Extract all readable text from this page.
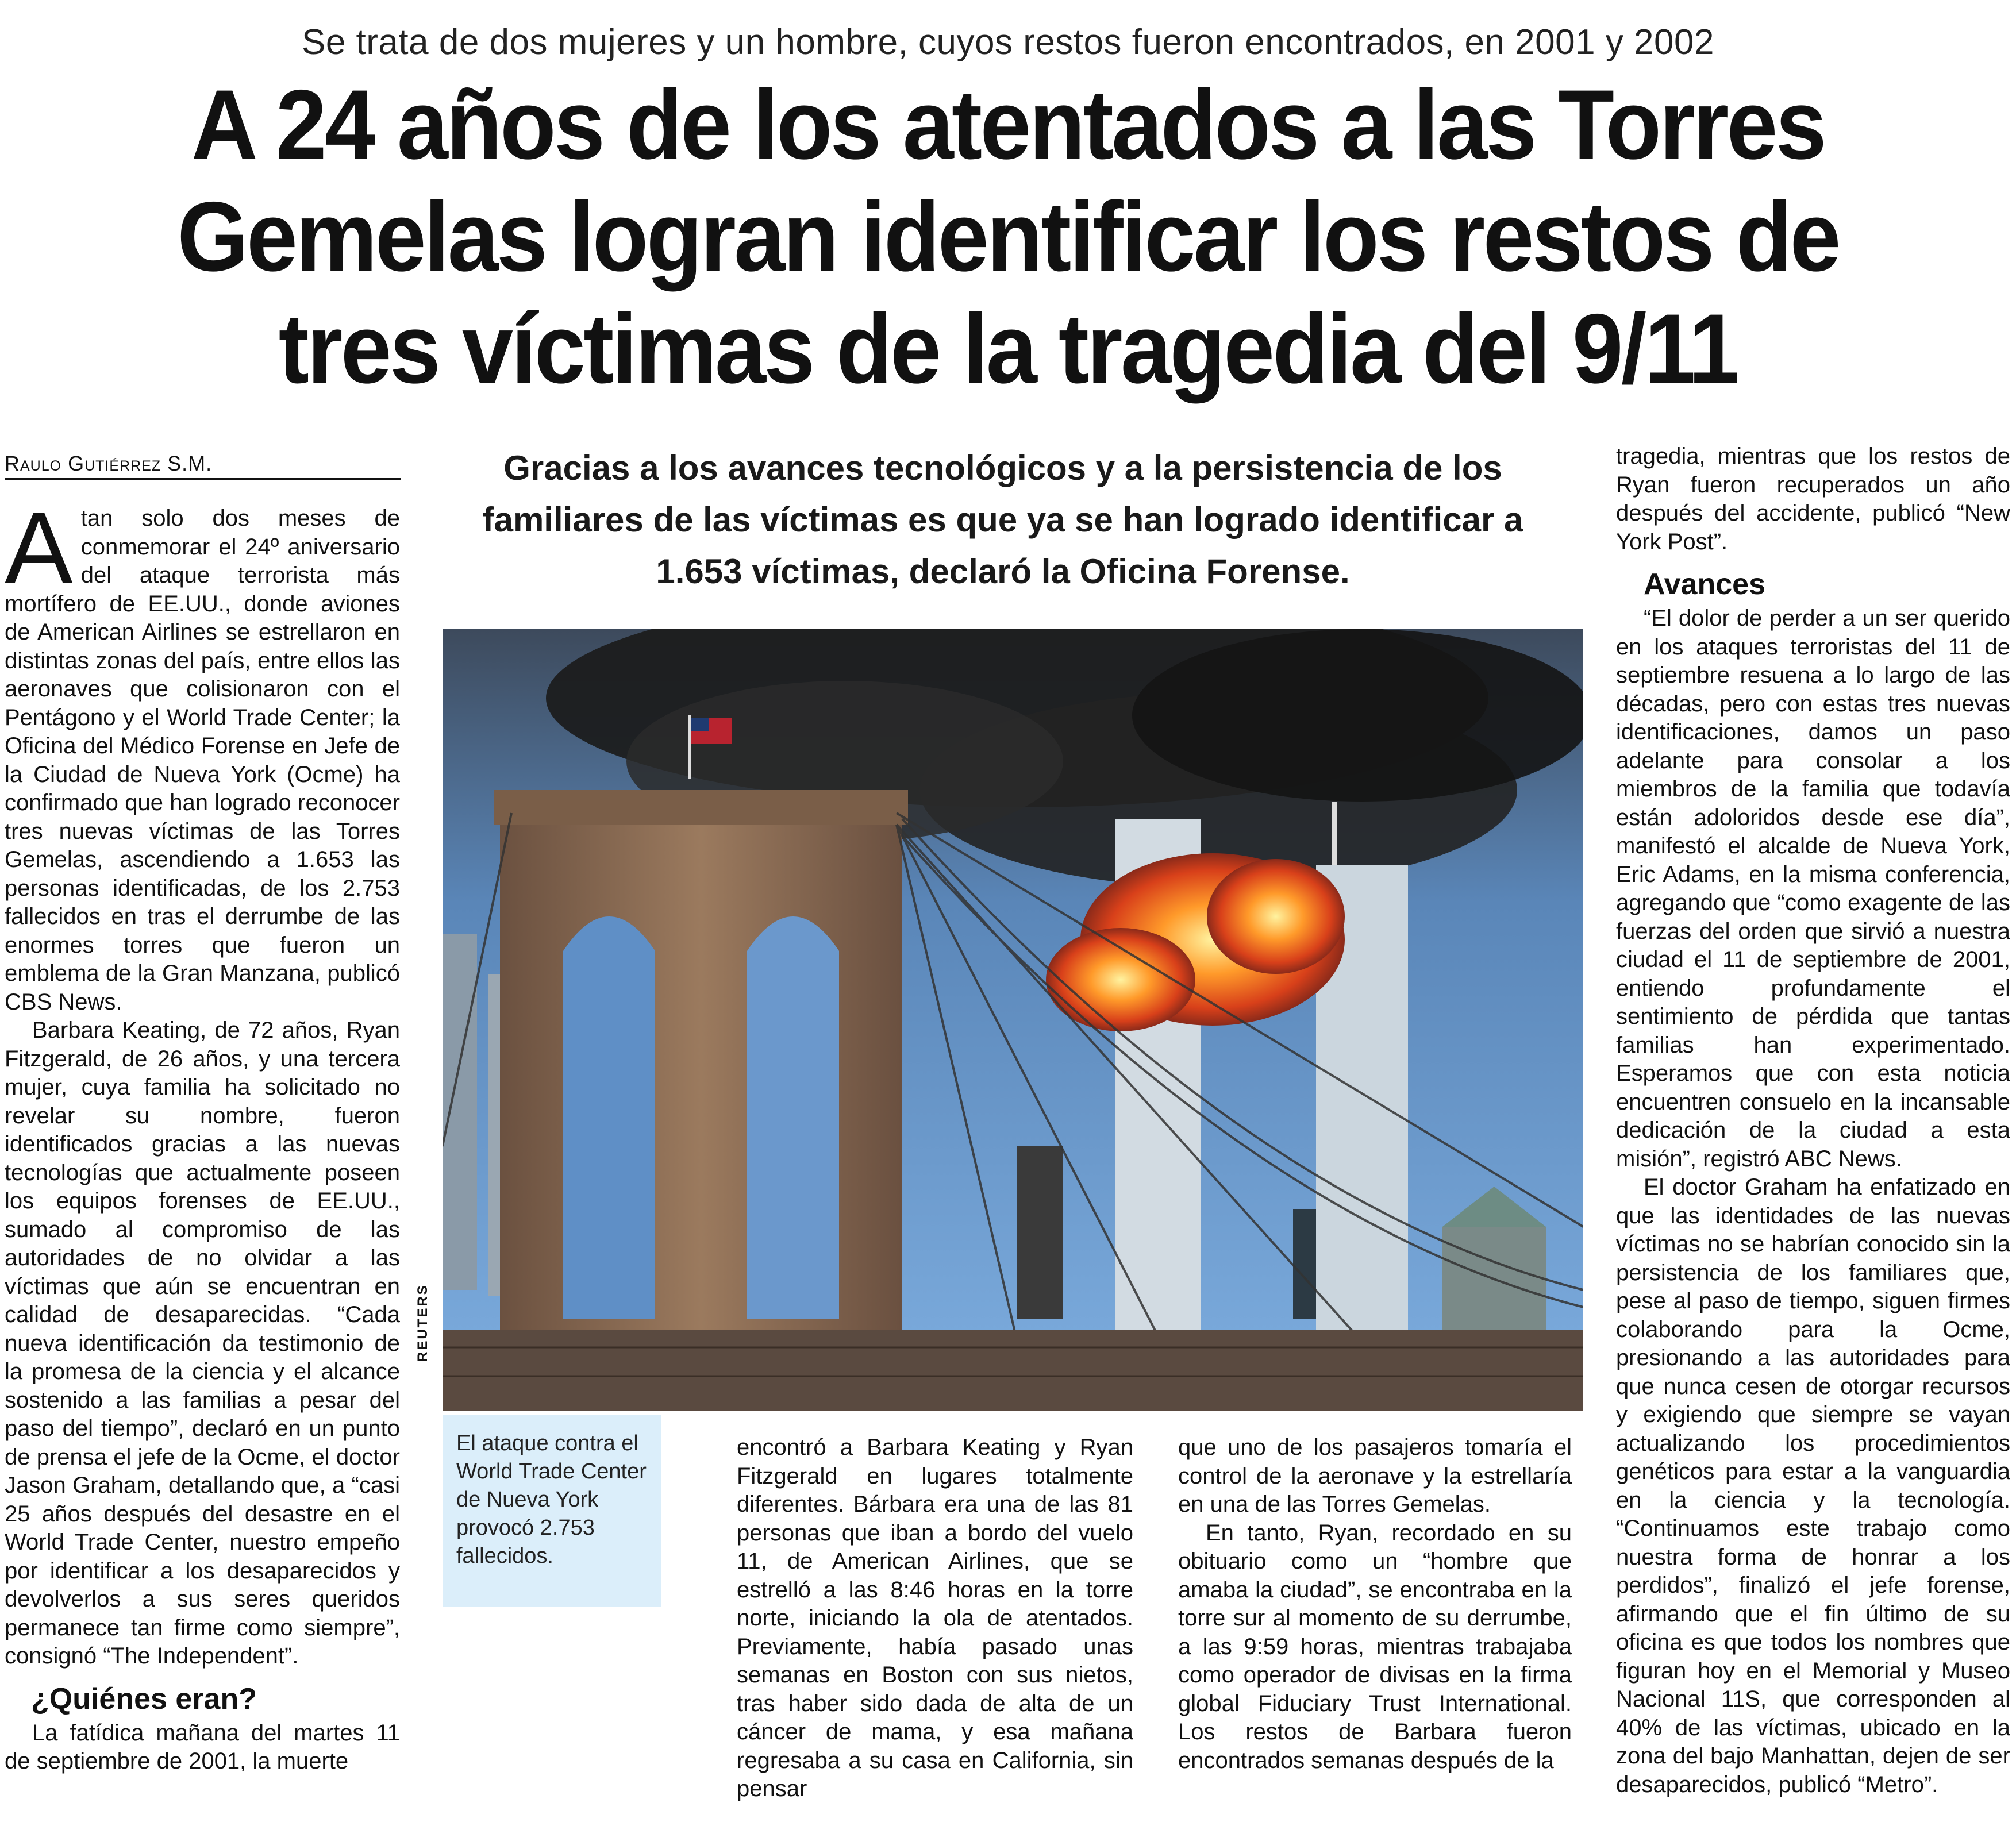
Se trata de dos mujeres y un hombre, cuyos restos fueron encontrados, en 2001 y 2002
A 24 años de los atentados a las Torres
Gemelas logran identificar los restos de
tres víctimas de la tragedia del 9/11
Raulo Gutiérrez S.M.

Atan solo dos meses de conmemorar el 24º aniversario del ataque terrorista más mortífero de EE.UU., donde aviones de American Airlines se estrellaron en distintas zonas del país, entre ellos las aeronaves que colisionaron con el Pentágono y el World Trade Center; la Oficina del Médico Forense en Jefe de la Ciudad de Nueva York (Ocme) ha confirmado que han logrado reconocer tres nuevas víctimas de las Torres Gemelas, ascendiendo a 1.653 las personas identificadas, de los 2.753 fallecidos en tras el derrumbe de las enormes torres que fueron un emblema de la Gran Manzana, publicó CBS News.

Barbara Keating, de 72 años, Ryan Fitzgerald, de 26 años, y una tercera mujer, cuya familia ha solicitado no revelar su nombre, fueron identificados gracias a las nuevas tecnologías que actualmente poseen los equipos forenses de EE.UU., sumado al compromiso de las autoridades de no olvidar a las víctimas que aún se encuentran en calidad de desaparecidas. “Cada nueva identificación da testimonio de la promesa de la ciencia y el alcance sostenido a las familias a pesar del paso del tiempo”, declaró en un punto de prensa el jefe de la Ocme, el doctor Jason Graham, detallando que, a “casi 25 años después del desastre en el World Trade Center, nuestro empeño por identificar a los desaparecidos y devolverlos a sus seres queridos permanece tan firme como siempre”, consignó “The Independent”.

¿Quiénes eran?

La fatídica mañana del martes 11 de septiembre de 2001, la muerte

Gracias a los avances tecnológicos y a la persistencia de los familiares de las víctimas es que ya se han logrado identificar a 1.653 víctimas, declaró la Oficina Forense.
REUTERS
El ataque contra el World Trade Center de Nueva York provocó 2.753 fallecidos.

encontró a Barbara Keating y Ryan Fitzgerald en lugares totalmente diferentes. Bárbara era una de las 81 personas que iban a bordo del vuelo 11, de American Airlines, que se estrelló a las 8:46 horas en la torre norte, iniciando la ola de atentados. Previamente, había pasado unas semanas en Boston con sus nietos, tras haber sido dada de alta de un cáncer de mama, y esa mañana regresaba a su casa en California, sin pensar

que uno de los pasajeros tomaría el control de la aeronave y la estrellaría en una de las Torres Gemelas.

En tanto, Ryan, recordado en su obituario como un “hombre que amaba la ciudad”, se encontraba en la torre sur al momento de su derrumbe, a las 9:59 horas, mientras trabajaba como operador de divisas en la firma global Fiduciary Trust International. Los restos de Barbara fueron encontrados semanas después de la

tragedia, mientras que los restos de Ryan fueron recuperados un año después del accidente, publicó “New York Post”.

Avances

“El dolor de perder a un ser querido en los ataques terroristas del 11 de septiembre resuena a lo largo de las décadas, pero con estas tres nuevas identificaciones, damos un paso adelante para consolar a los miembros de la familia que todavía están adoloridos desde ese día”, manifestó el alcalde de Nueva York, Eric Adams, en la misma conferencia, agregando que “como exagente de las fuerzas del orden que sirvió a nuestra ciudad el 11 de septiembre de 2001, entiendo profundamente el sentimiento de pérdida que tantas familias han experimentado. Esperamos que con esta noticia encuentren consuelo en la incansable dedicación de la ciudad a esta misión”, registró ABC News.

El doctor Graham ha enfatizado en que las identidades de las nuevas víctimas no se habrían conocido sin la persistencia de los familiares que, pese al paso de tiempo, siguen firmes colaborando para la Ocme, presionando a las autoridades para que nunca cesen de otorgar recursos y exigiendo que siempre se vayan actualizando los procedimientos genéticos para estar a la vanguardia en la ciencia y la tecnología. “Continuamos este trabajo como nuestra forma de honrar a los perdidos”, finalizó el jefe forense, afirmando que el fin último de su oficina es que todos los nombres que figuran hoy en el Memorial y Museo Nacional 11S, que corresponden al 40% de las víctimas, ubicado en la zona del bajo Manhattan, dejen de ser desaparecidos, publicó “Metro”.
